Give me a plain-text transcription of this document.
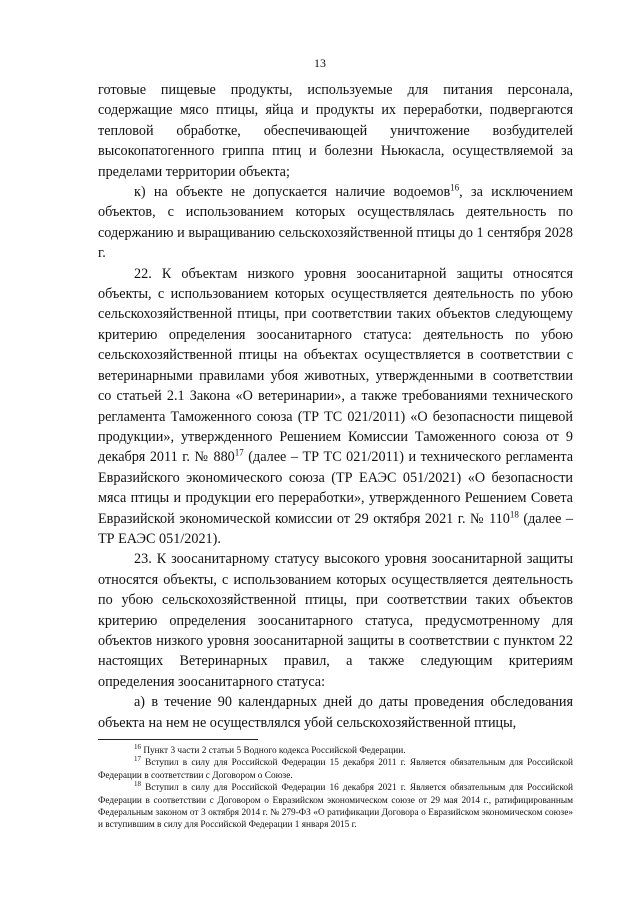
13

готовые пищевые продукты, используемые для питания персонала, содержащие мясо птицы, яйца и продукты их переработки, подвергаются тепловой обработке, обеспечивающей уничтожение возбудителей высокопатогенного гриппа птиц и болезни Ньюкасла, осуществляемой за пределами территории объекта;

к) на объекте не допускается наличие водоемов$^{16}$, за исключением объектов, с использованием которых осуществлялась деятельность по содержанию и выращиванию сельскохозяйственной птицы до 1 сентября 2028 г.

22. К объектам низкого уровня зоосанитарной защиты относятся объекты, с использованием которых осуществляется деятельность по убою сельскохозяйственной птицы, при соответствии таких объектов следующему критерию определения зоосанитарного статуса: деятельность по убою сельскохозяйственной птицы на объектах осуществляется в соответствии с ветеринарными правилами убоя животных, утвержденными в соответствии со статьей 2.1 Закона «О ветеринарии», а также требованиями технического регламента Таможенного союза (ТР ТС 021/2011) «О безопасности пищевой продукции», утвержденного Решением Комиссии Таможенного союза от 9 декабря 2011 г. № $880^{17}$ (далее – ТР ТС 021/2011) и технического регламента Евразийского экономического союза (ТР ЕАЭС 051/2021) «О безопасности мяса птицы и продукции его переработки», утвержденного Решением Совета Евразийской экономической комиссии от 29 октября 2021 г. № $110^{18}$ (далее – ТР ЕАЭС 051/2021).

23. К зоосанитарному статусу высокого уровня зоосанитарной защиты относятся объекты, с использованием которых осуществляется деятельность по убою сельскохозяйственной птицы, при соответствии таких объектов критерию определения зоосанитарного статуса, предусмотренному для объектов низкого уровня зоосанитарной защиты в соответствии с пунктом 22 настоящих Ветеринарных правил, а также следующим критериям определения зоосанитарного статуса:

а) в течение 90 календарных дней до даты проведения обследования объекта на нем не осуществлялся убой сельскохозяйственной птицы,

$^{16}$ Пункт 3 части 2 статьи 5 Водного кодекса Российской Федерации.

$^{17}$ Вступил в силу для Российской Федерации 15 декабря 2011 г. Является обязательным для Российской Федерации в соответствии с Договором о Союзе.

$^{18}$ Вступил в силу для Российской Федерации 16 декабря 2021 г. Является обязательным для Российской Федерации в соответствии с Договором о Евразийском экономическом союзе от 29 мая 2014 г., ратифицированным Федеральным законом от 3 октября 2014 г. № 279-ФЗ «О ратификации Договора о Евразийском экономическом союзе» и вступившим в силу для Российской Федерации 1 января 2015 г.
